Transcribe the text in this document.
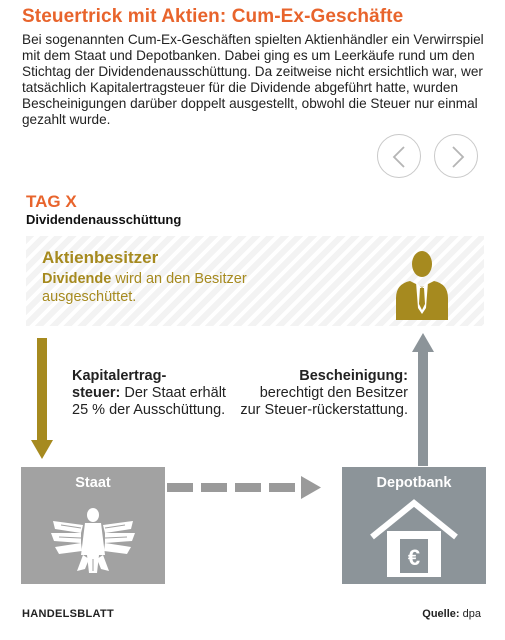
Steuertrick mit Aktien: Cum-Ex-Geschäfte
Bei sogenannten Cum-Ex-Geschäften spielten Aktienhändler ein Verwirrspiel mit dem Staat und Depotbanken. Dabei ging es um Leerkäufe rund um den Stichtag der Dividendenausschüttung. Da zeitweise nicht ersichtlich war, wer tatsächlich Kapitalertragsteuer für die Dividende abgeführt hatte, wurden Bescheinigungen darüber doppelt ausgestellt, obwohl die Steuer nur einmal gezahlt wurde.
TAG X
Dividendenausschüttung
Aktienbesitzer
Dividende wird an den Besitzer ausgeschüttet.
Kapitalertrag-
steuer: Der Staat erhält 25 % der Ausschüttung.
Bescheinigung: berechtigt den Besitzer zur Steuer-rückerstattung.
Staat	Depotbank
€
HANDELSBLATT	Quelle: dpa
